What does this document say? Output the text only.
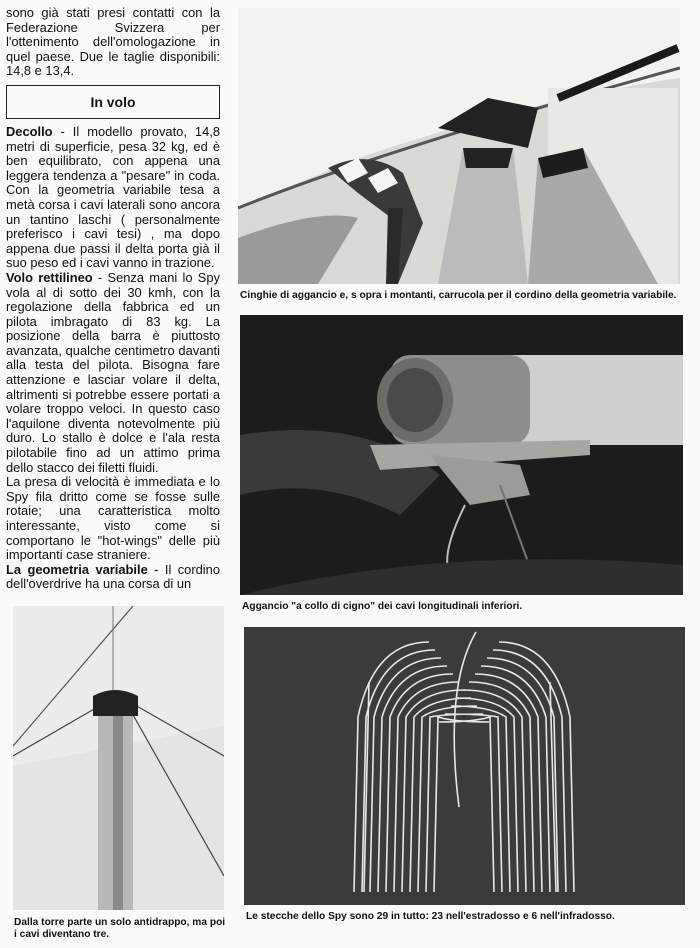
sono già stati presi contatti con la Federazione Svizzera per l'ottenimento dell'omologazione in quel paese. Due le taglie disponibili: 14,8 e 13,4.

In volo

Decollo - Il modello provato, 14,8 metri di superficie, pesa 32 kg, ed è ben equilibrato, con appena una leggera tendenza a "pesare" in coda. Con la geometria variabile tesa a metà corsa i cavi laterali sono ancora un tantino laschi ( personalmente preferisco i cavi tesi) , ma dopo appena due passi il delta porta già il suo peso ed i cavi vanno in trazione.

Volo rettilineo - Senza mani lo Spy vola al di sotto dei 30 kmh, con la regolazione della fabbrica ed un pilotа imbragato di 83 kg. La posizione della barra è piuttosto avanzata, qualche centimetro davanti alla testa del pilota. Bisogna fare attenzione e lasciar volare il delta, altrimenti si potrebbe essere portati a volare troppo veloci. In questo caso l'aquilone diventa notevolmente più duro. Lo stallo è dolce e l'ala resta pilotabile fino ad un attimo prima dello stacco dei filetti fluidi.

La presa di velocità è immediata e lo Spy fila dritto come se fosse sulle rotaie; una caratteristica molto interessante, visto come si comportano le "hot-wings" delle più importanti case straniere.

La geometria variabile - Il cordino dell'overdrive ha una corsa di un

Cinghie di aggancio e, s opra i montanti, carrucola per il cordino della geometria variabile.
Aggancio "a collo di cigno" dei cavi longitudinali inferiori.
Dalla torre parte un solo antidrappo, ma poi i cavi diventano tre.
Le stecche dello Spy sono 29 in tutto: 23 nell'estradosso e 6 nell'infradosso.
